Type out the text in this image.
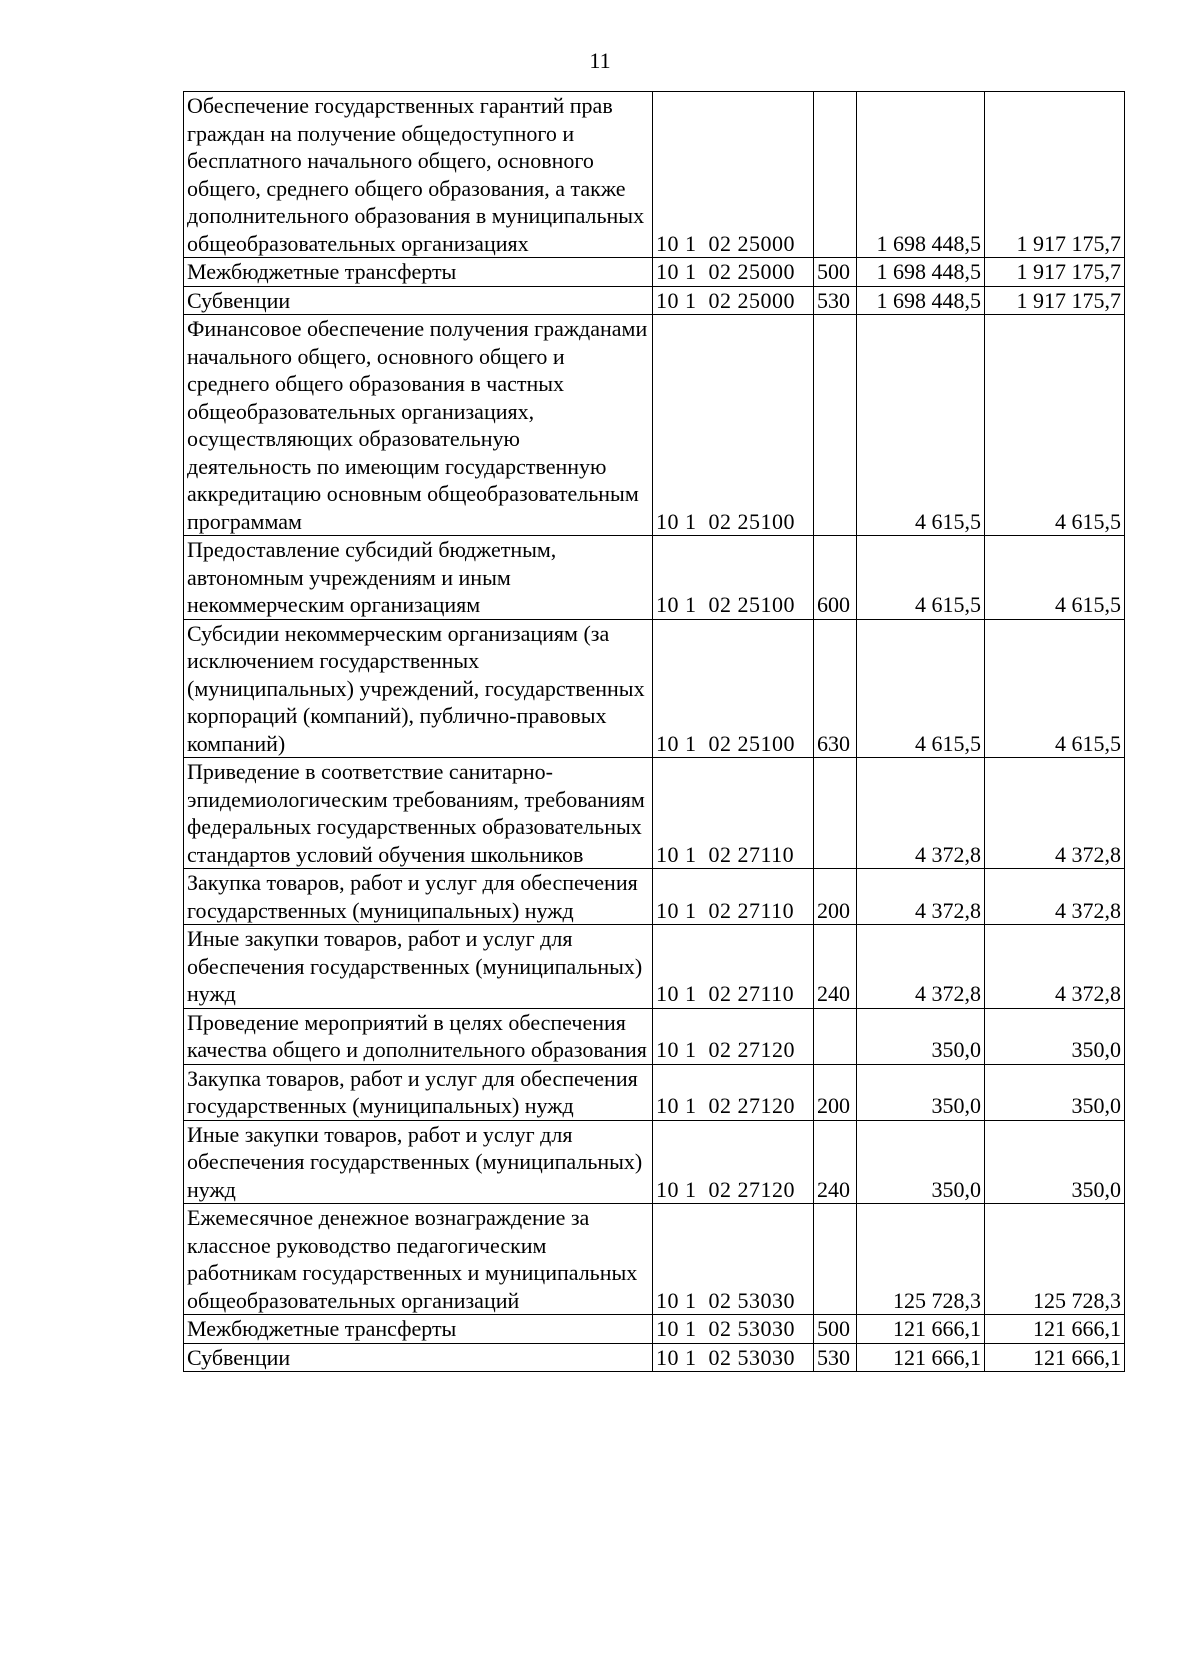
11
Обеспечение государственных гарантий прав граждан на получение общедоступного и бесплатного начального общего, основного общего, среднего общего образования, а также дополнительного образования в муниципальных общеобразовательных организациях	10 1  02 25000		1 698 448,5	1 917 175,7
Межбюджетные трансферты	10 1  02 25000	500	1 698 448,5	1 917 175,7
Субвенции	10 1  02 25000	530	1 698 448,5	1 917 175,7
Финансовое обеспечение получения гражданами начального общего, основного общего и среднего общего образования в частных общеобразовательных организациях, осуществляющих образовательную деятельность по имеющим государственную аккредитацию основным общеобразовательным программам	10 1  02 25100		4 615,5	4 615,5
Предоставление субсидий бюджетным, автономным учреждениям и иным некоммерческим организациям	10 1  02 25100	600	4 615,5	4 615,5
Субсидии некоммерческим организациям (за исключением государственных (муниципальных) учреждений, государственных корпораций (компаний), публично-правовых компаний)	10 1  02 25100	630	4 615,5	4 615,5
Приведение в соответствие санитарно-эпидемиологическим требованиям, требованиям федеральных государственных образовательных стандартов условий обучения школьников	10 1  02 27110		4 372,8	4 372,8
Закупка товаров, работ и услуг для обеспечения государственных (муниципальных) нужд	10 1  02 27110	200	4 372,8	4 372,8
Иные закупки товаров, работ и услуг для обеспечения государственных (муниципальных) нужд	10 1  02 27110	240	4 372,8	4 372,8
Проведение мероприятий в целях обеспечения качества общего и дополнительного образования	10 1  02 27120		350,0	350,0
Закупка товаров, работ и услуг для обеспечения государственных (муниципальных) нужд	10 1  02 27120	200	350,0	350,0
Иные закупки товаров, работ и услуг для обеспечения государственных (муниципальных) нужд	10 1  02 27120	240	350,0	350,0
Ежемесячное денежное вознаграждение за классное руководство педагогическим работникам государственных и муниципальных общеобразовательных организаций	10 1  02 53030		125 728,3	125 728,3
Межбюджетные трансферты	10 1  02 53030	500	121 666,1	121 666,1
Субвенции	10 1  02 53030	530	121 666,1	121 666,1
